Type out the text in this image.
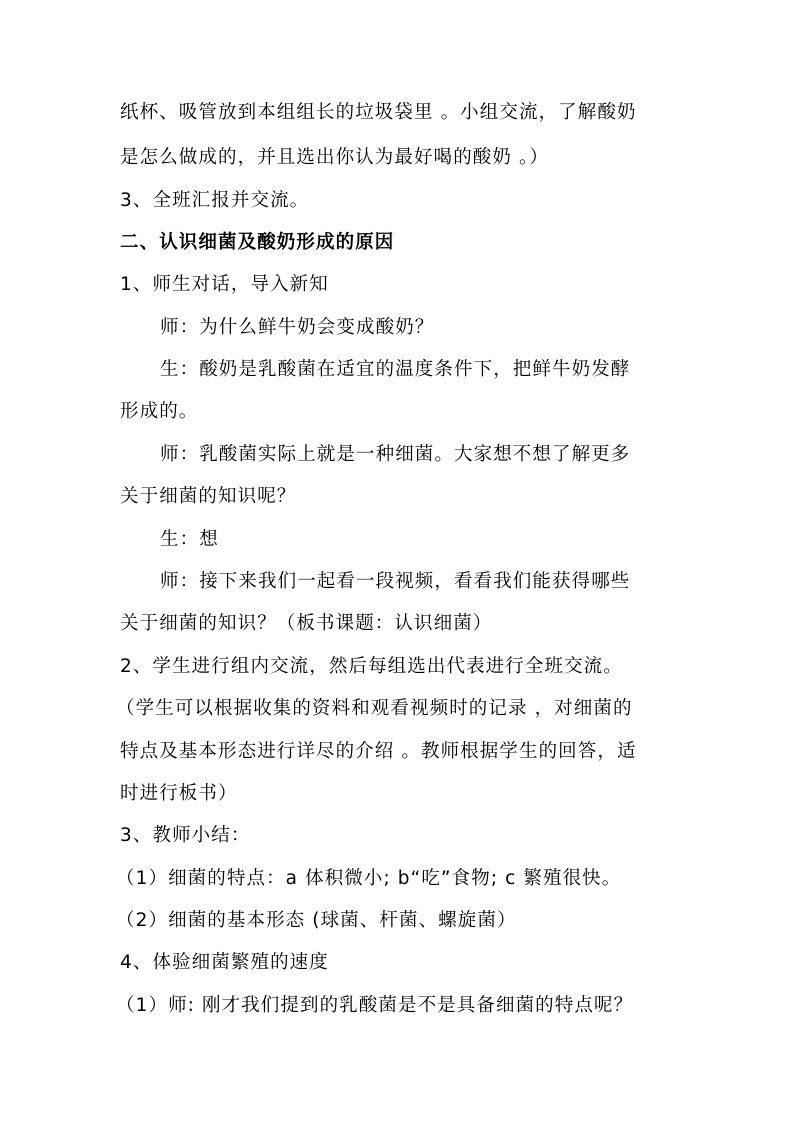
纸杯、吸管放到本组组长的垃圾袋里 。小组交流，了解酸奶
是怎么做成的，并且选出你认为最好喝的酸奶 。）
3、全班汇报并交流。
二、认识细菌及酸奶形成的原因
1、师生对话，导入新知
师：为什么鲜牛奶会变成酸奶？
生：酸奶是乳酸菌在适宜的温度条件下，把鲜牛奶发酵
形成的。
师：乳酸菌实际上就是一种细菌。大家想不想了解更多
关于细菌的知识呢？
生：想
师：接下来我们一起看一段视频，看看我们能获得哪些
关于细菌的知识？（板书课题：认识细菌）
2、学生进行组内交流，然后每组选出代表进行全班交流。
（学生可以根据收集的资料和观看视频时的记录 ，对细菌的
特点及基本形态进行详尽的介绍 。教师根据学生的回答，适
时进行板书）
3、教师小结：
（1）细菌的特点：a 体积微小; b“吃”食物; c 繁殖很快。
（2）细菌的基本形态 (球菌、杆菌、螺旋菌）
4、体验细菌繁殖的速度
（1）师: 刚才我们提到的乳酸菌是不是具备细菌的特点呢？
